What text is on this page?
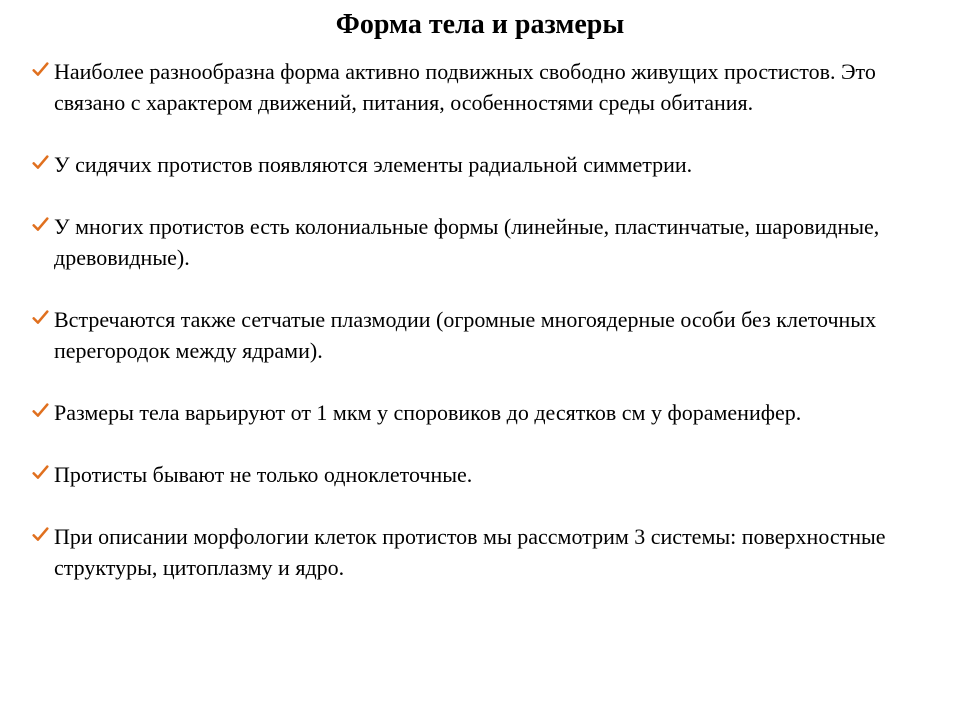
Форма тела и размеры
Наиболее разнообразна форма активно подвижных свободно живущих простистов. Это связано с характером движений, питания, особенностями среды обитания.
У сидячих протистов появляются элементы радиальной симметрии.
У многих протистов есть колониальные формы (линейные, пластинчатые, шаровидные, древовидные).
Встречаются также сетчатые плазмодии (огромные многоядерные особи без клеточных перегородок между ядрами).
Размеры тела варьируют от 1 мкм у споровиков до десятков см у фораменифер.
Протисты бывают не только одноклеточные.
При описании морфологии клеток протистов мы рассмотрим 3 системы: поверхностные структуры, цитоплазму и ядро.
